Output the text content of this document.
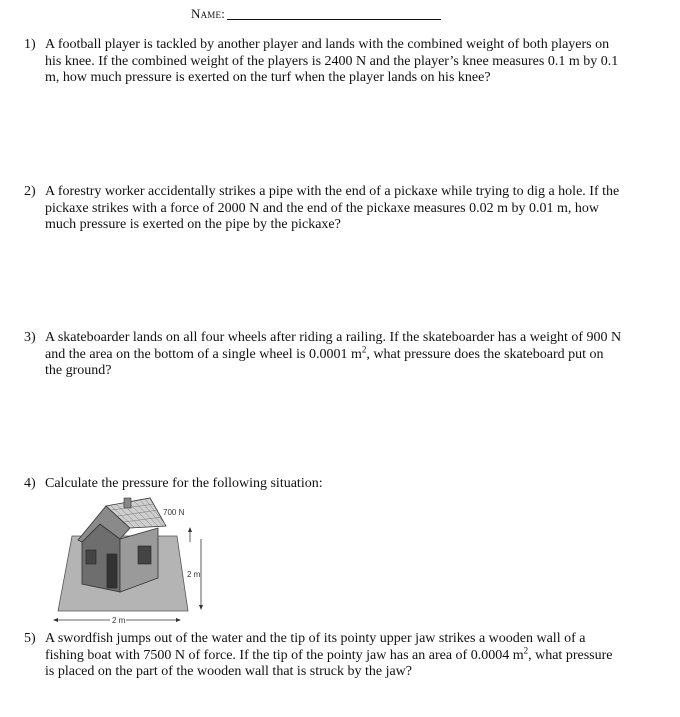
Name:
1) A football player is tackled by another player and lands with the combined weight of both players on his knee. If the combined weight of the players is 2400 N and the player’s knee measures 0.1 m by 0.1 m, how much pressure is exerted on the turf when the player lands on his knee?
2) A forestry worker accidentally strikes a pipe with the end of a pickaxe while trying to dig a hole. If the pickaxe strikes with a force of 2000 N and the end of the pickaxe measures 0.02 m by 0.01 m, how much pressure is exerted on the pipe by the pickaxe?
3) A skateboarder lands on all four wheels after riding a railing. If the skateboarder has a weight of 900 N and the area on the bottom of a single wheel is 0.0001 $m^2$, what pressure does the skateboard put on the ground?
4) Calculate the pressure for the following situation:
700 N
2 m
2 m
5) A swordfish jumps out of the water and the tip of its pointy upper jaw strikes a wooden wall of a fishing boat with 7500 N of force. If the tip of the pointy jaw has an area of 0.0004 $m^2$, what pressure is placed on the part of the wooden wall that is struck by the jaw?
